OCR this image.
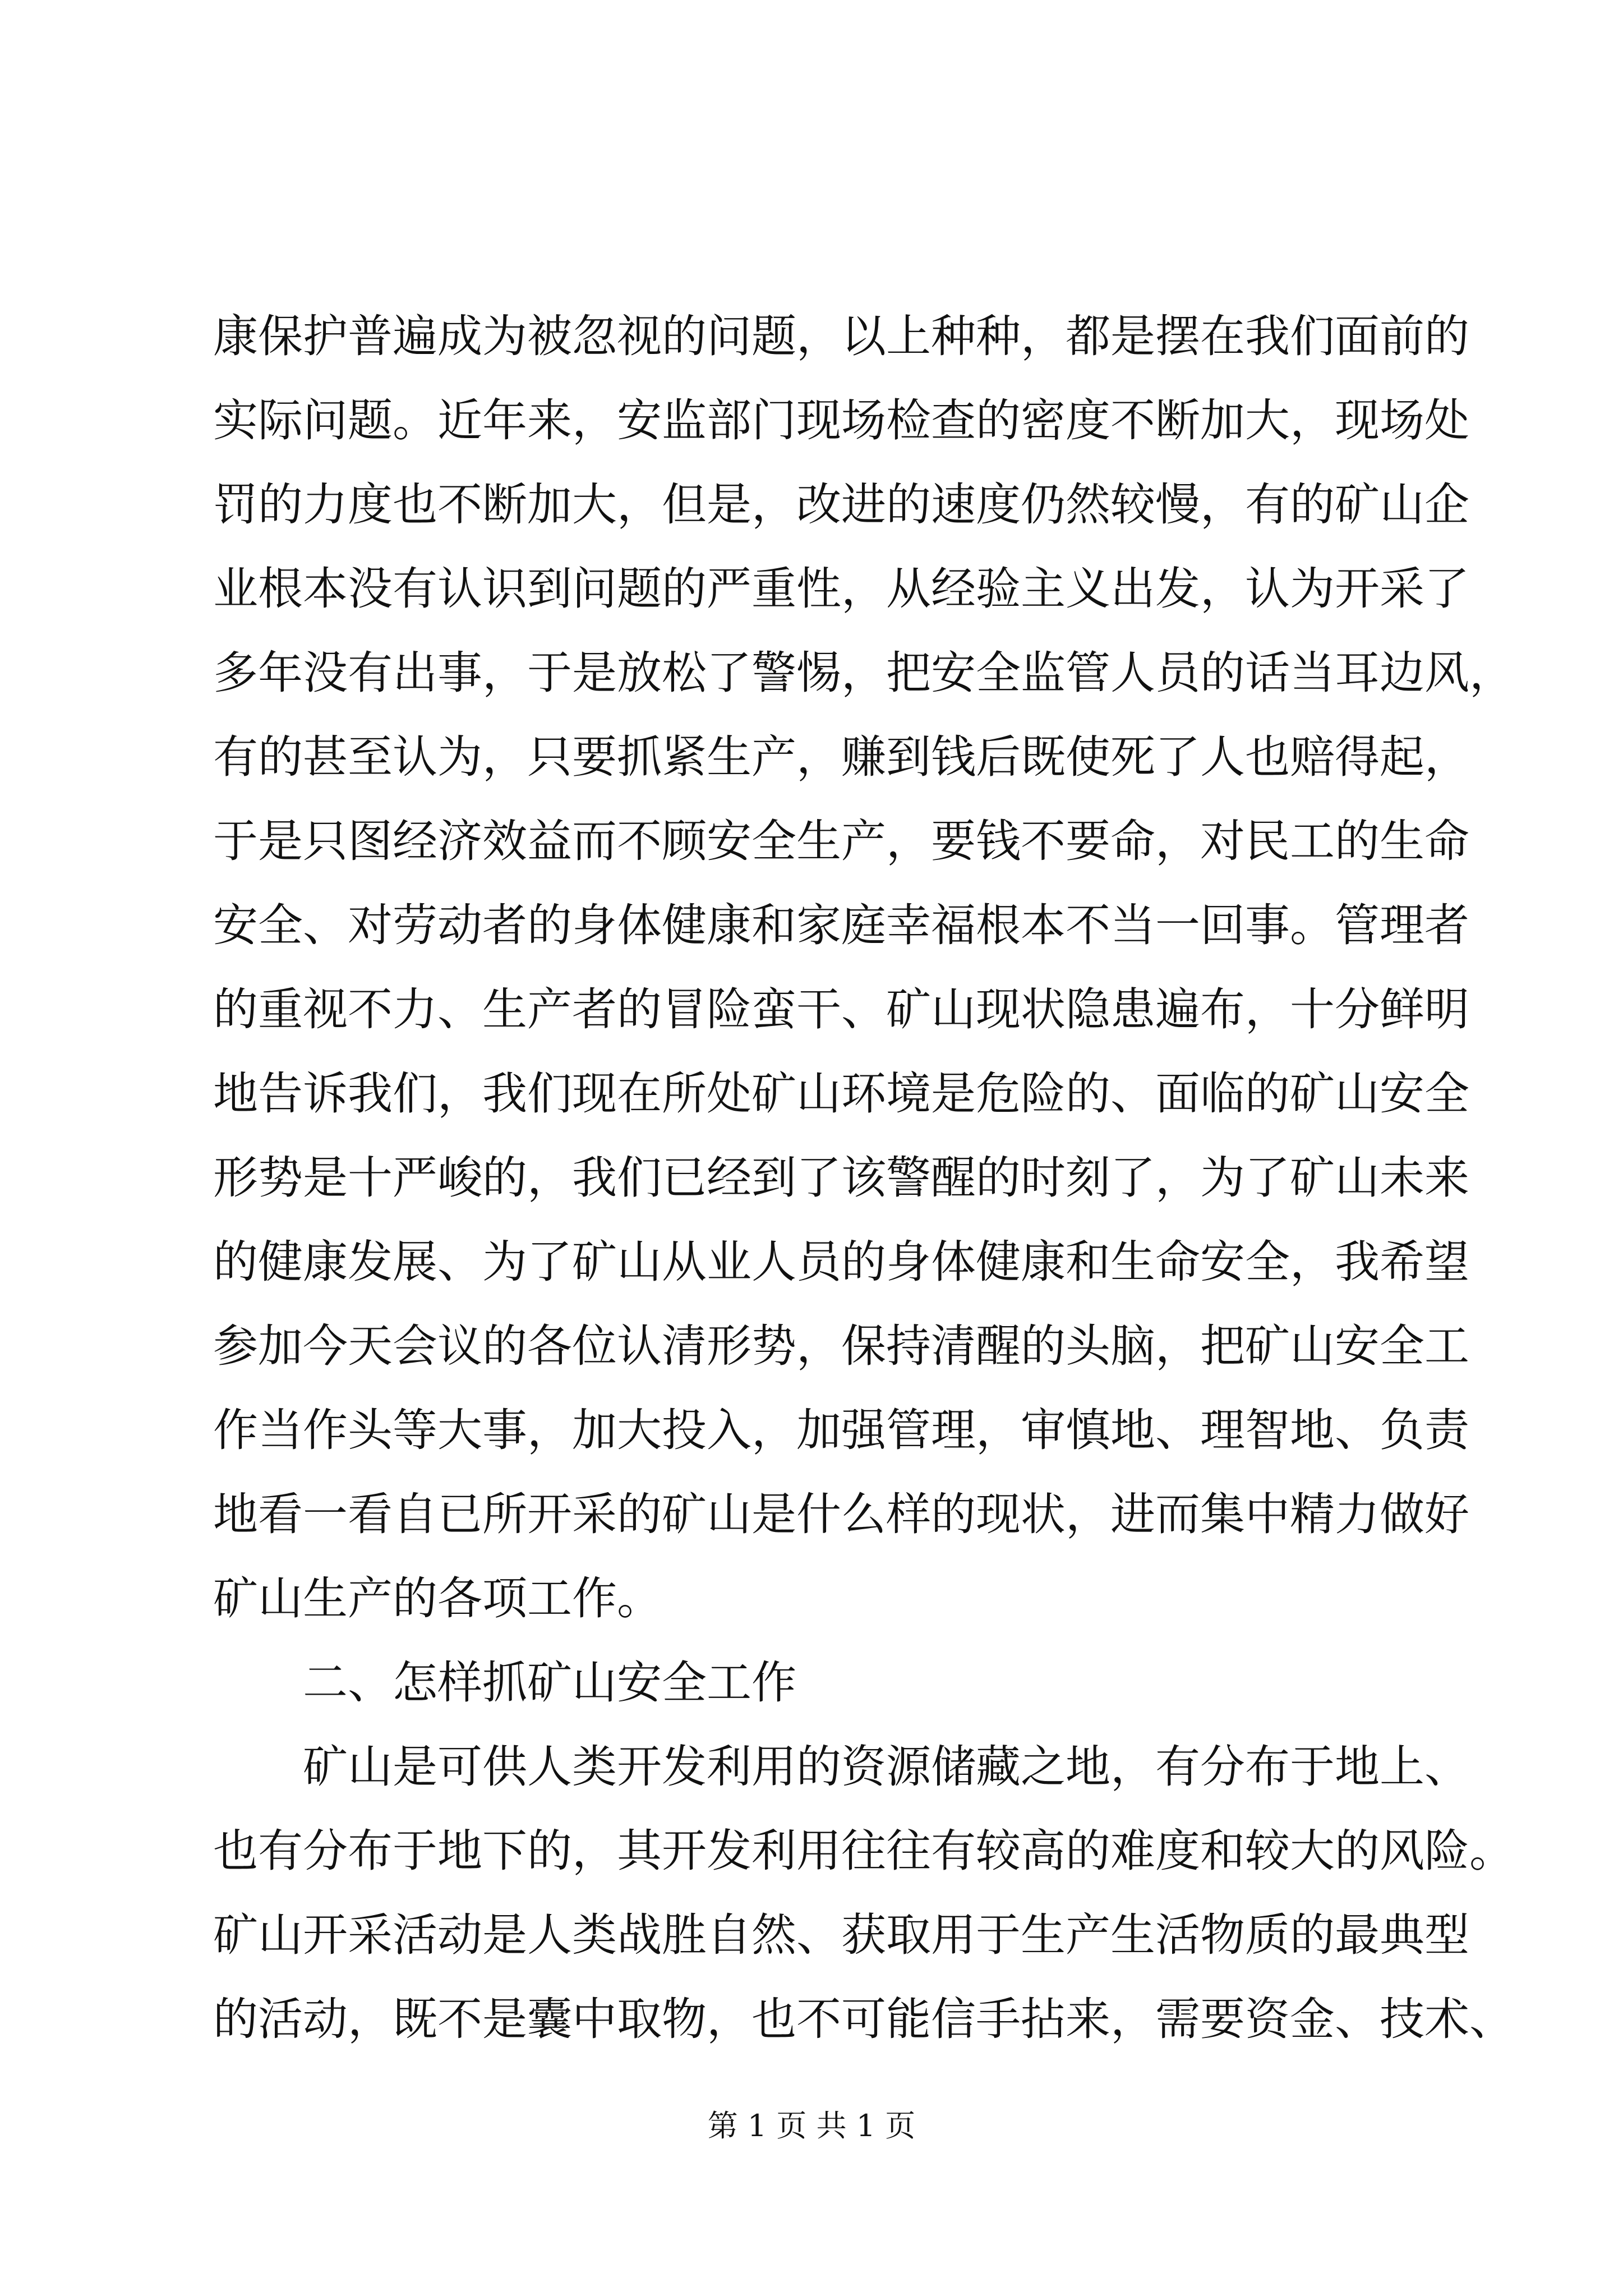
康保护普遍成为被忽视的问题，以上种种，都是摆在我们面前的
实际问题。近年来，安监部门现场检查的密度不断加大，现场处
罚的力度也不断加大，但是，改进的速度仍然较慢，有的矿山企
业根本没有认识到问题的严重性，从经验主义出发，认为开采了
多年没有出事，于是放松了警惕，把安全监管人员的话当耳边风，
有的甚至认为，只要抓紧生产，赚到钱后既使死了人也赔得起，
于是只图经济效益而不顾安全生产，要钱不要命，对民工的生命
安全、对劳动者的身体健康和家庭幸福根本不当一回事。管理者
的重视不力、生产者的冒险蛮干、矿山现状隐患遍布，十分鲜明
地告诉我们，我们现在所处矿山环境是危险的、面临的矿山安全
形势是十严峻的，我们已经到了该警醒的时刻了，为了矿山未来
的健康发展、为了矿山从业人员的身体健康和生命安全，我希望
参加今天会议的各位认清形势，保持清醒的头脑，把矿山安全工
作当作头等大事，加大投入，加强管理，审慎地、理智地、负责
地看一看自已所开采的矿山是什么样的现状，进而集中精力做好
矿山生产的各项工作。
二、怎样抓矿山安全工作
矿山是可供人类开发利用的资源储藏之地，有分布于地上、
也有分布于地下的，其开发利用往往有较高的难度和较大的风险。
矿山开采活动是人类战胜自然、获取用于生产生活物质的最典型
的活动，既不是囊中取物，也不可能信手拈来，需要资金、技术、
第 1 页 共 1 页
